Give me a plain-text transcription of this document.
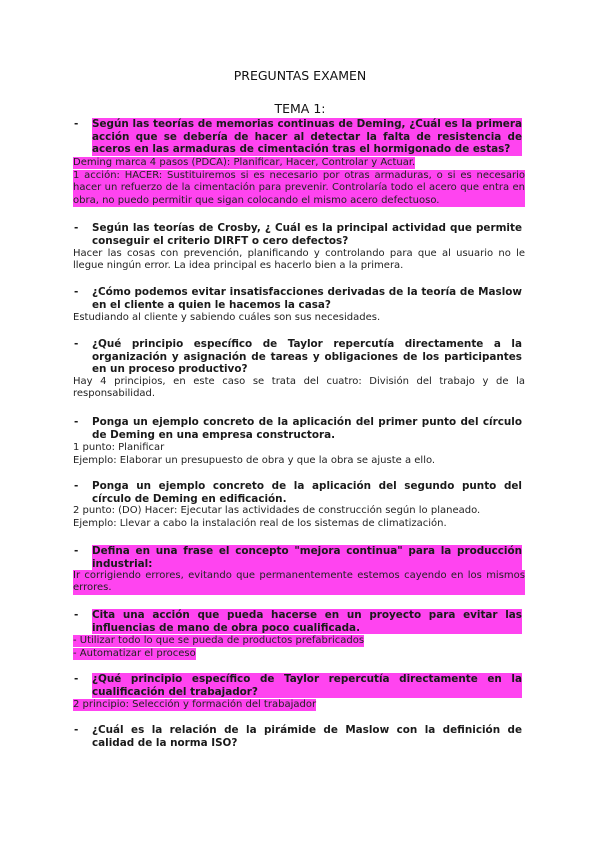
PREGUNTAS EXAMEN
TEMA 1:
- Según las teorías de memorias continuas de Deming, ¿Cuál es la primera acción que se debería de hacer al detectar la falta de resistencia de aceros en las armaduras de cimentación tras el hormigonado de estas?
Deming marca 4 pasos (PDCA): Planificar, Hacer, Controlar y Actuar.
1 acción: HACER: Sustituiremos si es necesario por otras armaduras, o si es necesario hacer un refuerzo de la cimentación para prevenir. Controlaría todo el acero que entra en obra, no puedo permitir que sigan colocando el mismo acero defectuoso.
- Según las teorías de Crosby, ¿ Cuál es la principal actividad que permite conseguir el criterio DIRFT o cero defectos?
Hacer las cosas con prevención, planificando y controlando para que al usuario no le llegue ningún error. La idea principal es hacerlo bien a la primera.
- ¿Cómo podemos evitar insatisfacciones derivadas de la teoría de Maslow en el cliente a quien le hacemos la casa?
Estudiando al cliente y sabiendo cuáles son sus necesidades.
- ¿Qué principio específico de Taylor repercutía directamente a la organización y asignación de tareas y obligaciones de los participantes en un proceso productivo?
Hay 4 principios, en este caso se trata del cuatro: División del trabajo y de la responsabilidad.
- Ponga un ejemplo concreto de la aplicación del primer punto del círculo de Deming en una empresa constructora.
1 punto: Planificar
Ejemplo: Elaborar un presupuesto de obra y que la obra se ajuste a ello.
- Ponga un ejemplo concreto de la aplicación del segundo punto del círculo de Deming en edificación.
2 punto: (DO) Hacer: Ejecutar las actividades de construcción según lo planeado.
Ejemplo: Llevar a cabo la instalación real de los sistemas de climatización.
- Defina en una frase el concepto "mejora continua" para la producción industrial:
Ir corrigiendo errores, evitando que permanentemente estemos cayendo en los mismos errores.
- Cita una acción que pueda hacerse en un proyecto para evitar las influencias de mano de obra poco cualificada.
- Utilizar todo lo que se pueda de productos prefabricados
- Automatizar el proceso
- ¿Qué principio específico de Taylor repercutía directamente en la cualificación del trabajador?
2 principio: Selección y formación del trabajador
- ¿Cuál es la relación de la pirámide de Maslow con la definición de calidad de la norma ISO?
